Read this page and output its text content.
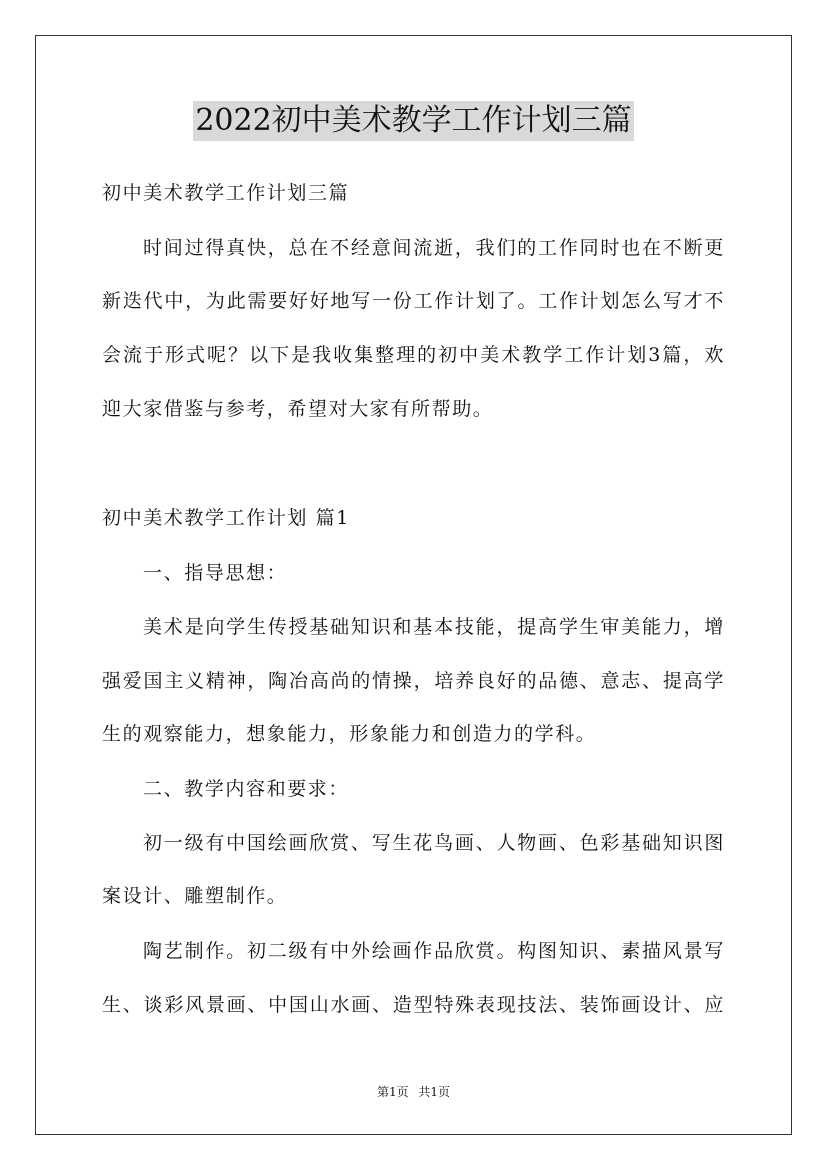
2022初中美术教学工作计划三篇
初中美术教学工作计划三篇
时间过得真快，总在不经意间流逝，我们的工作同时也在不断更
新迭代中，为此需要好好地写一份工作计划了。工作计划怎么写才不
会流于形式呢？以下是我收集整理的初中美术教学工作计划3篇，欢
迎大家借鉴与参考，希望对大家有所帮助。
初中美术教学工作计划 篇1
一、指导思想：
美术是向学生传授基础知识和基本技能，提高学生审美能力，增
强爱国主义精神，陶冶高尚的情操，培养良好的品德、意志、提高学
生的观察能力，想象能力，形象能力和创造力的学科。
二、教学内容和要求：
初一级有中国绘画欣赏、写生花鸟画、人物画、色彩基础知识图
案设计、雕塑制作。
陶艺制作。初二级有中外绘画作品欣赏。构图知识、素描风景写
生、谈彩风景画、中国山水画、造型特殊表现技法、装饰画设计、应
第1页 共1页
